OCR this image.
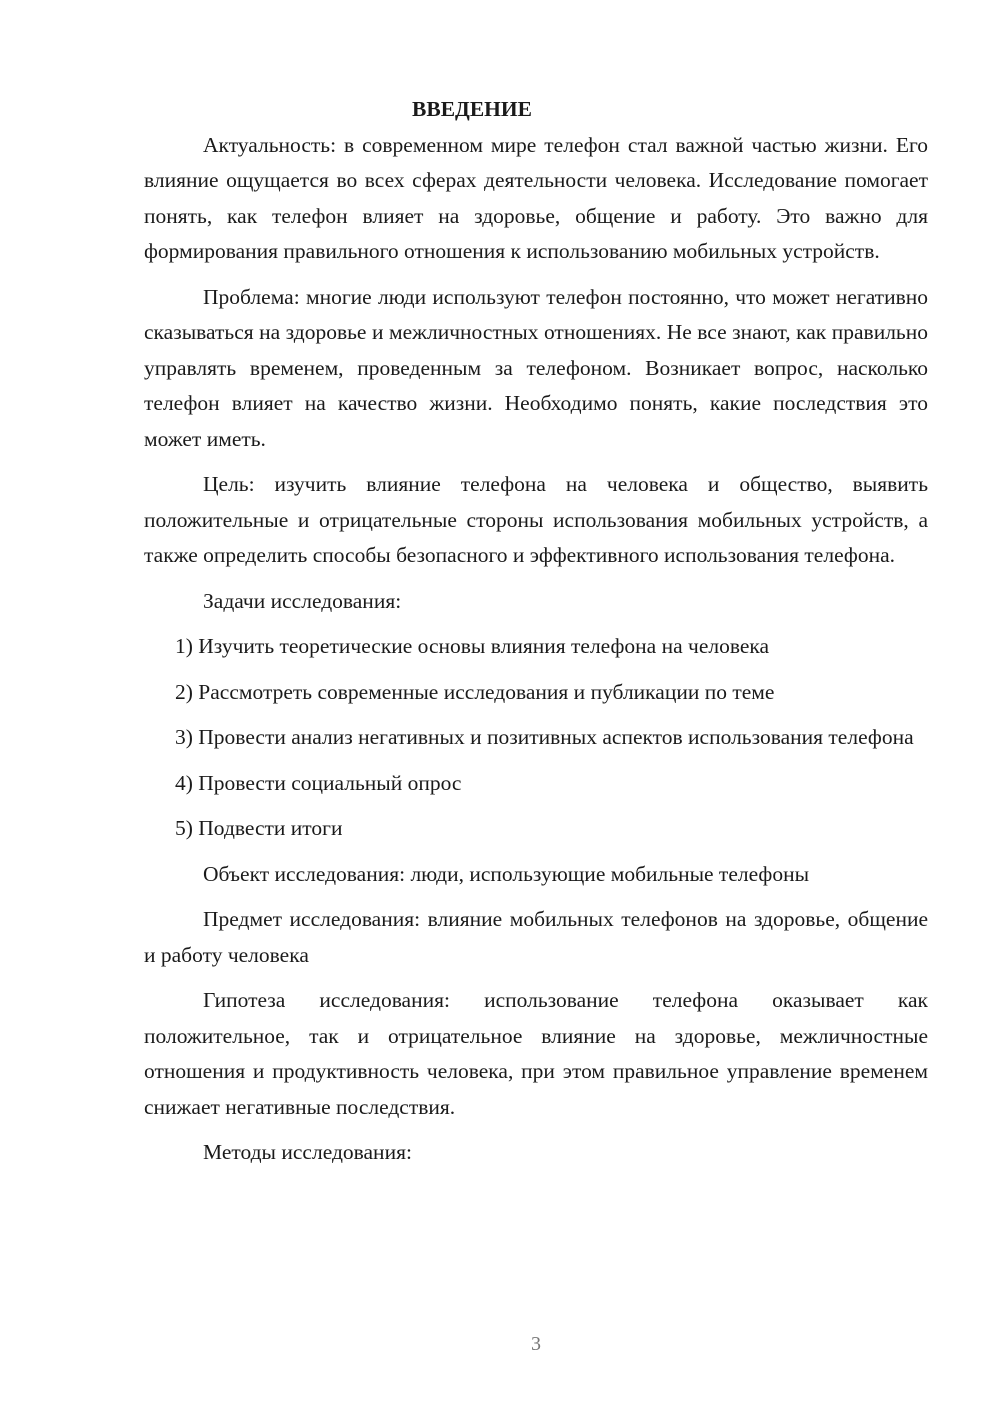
ВВЕДЕНИЕ

Актуальность: в современном мире телефон стал важной частью жизни. Его влияние ощущается во всех сферах деятельности человека. Исследование помогает понять, как телефон влияет на здоровье, общение и работу. Это важно для формирования правильного отношения к использованию мобильных устройств.

Проблема: многие люди используют телефон постоянно, что может негативно сказываться на здоровье и межличностных отношениях. Не все знают, как правильно управлять временем, проведенным за телефоном. Возникает вопрос, насколько телефон влияет на качество жизни. Необходимо понять, какие последствия это может иметь.

Цель: изучить влияние телефона на человека и общество, выявить положительные и отрицательные стороны использования мобильных устройств, а также определить способы безопасного и эффективного использования телефона.

Задачи исследования:

1) Изучить теоретические основы влияния телефона на человека

2) Рассмотреть современные исследования и публикации по теме

3) Провести анализ негативных и позитивных аспектов использования телефона

4) Провести социальный опрос

5) Подвести итоги

Объект исследования: люди, использующие мобильные телефоны

Предмет исследования: влияние мобильных телефонов на здоровье, общение и работу человека

Гипотеза исследования: использование телефона оказывает как положительное, так и отрицательное влияние на здоровье, межличностные отношения и продуктивность человека, при этом правильное управление временем снижает негативные последствия.

Методы исследования:

3
